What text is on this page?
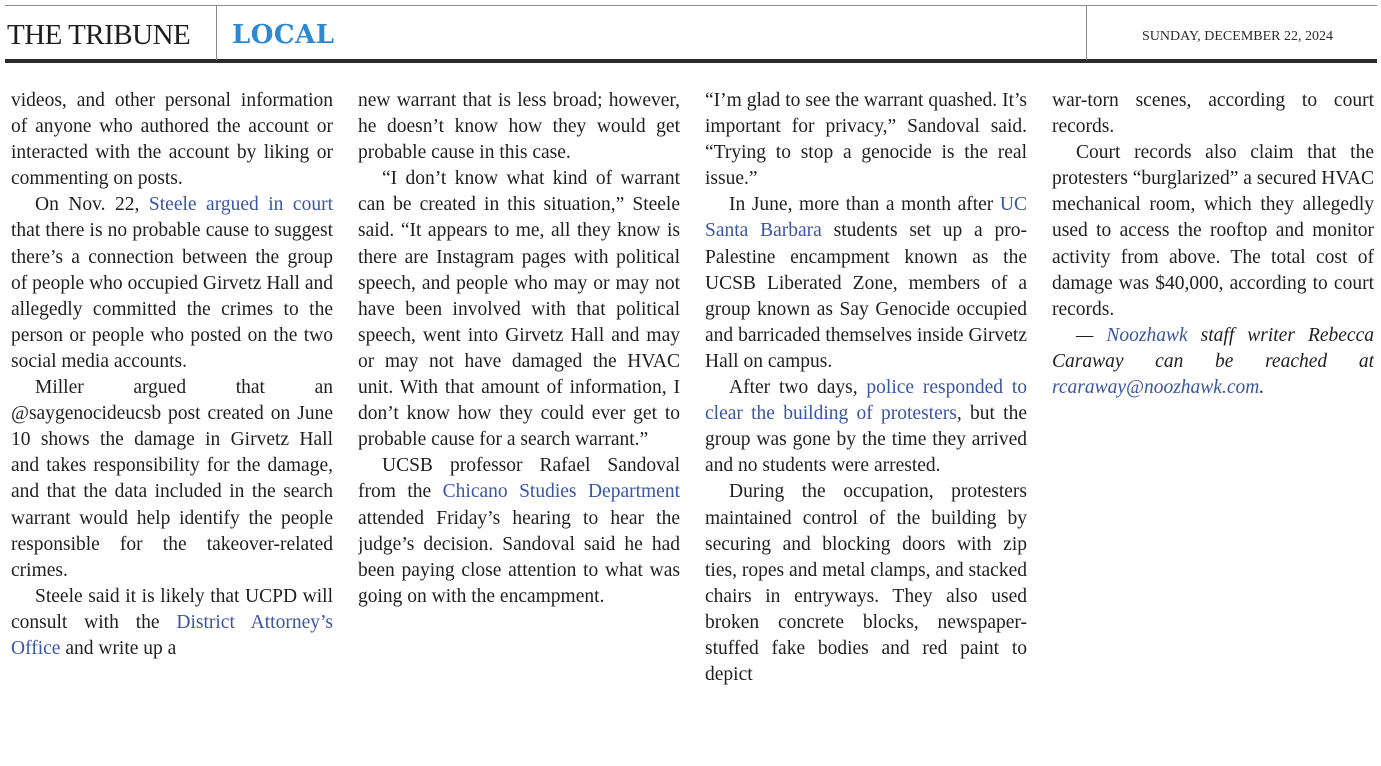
THE TRIBUNE LOCAL	SUNDAY, DECEMBER 22, 2024

videos, and other personal information of anyone who authored the account or interacted with the account by liking or commenting on posts.

On Nov. 22, Steele argued in court that there is no probable cause to suggest there’s a connection between the group of people who occupied Girvetz Hall and allegedly committed the crimes to the person or people who posted on the two social media accounts.

Miller argued that an @saygenocideucsb post created on June 10 shows the damage in Girvetz Hall and takes responsibility for the damage, and that the data included in the search warrant would help identify the people responsible for the takeover-related crimes.

Steele said it is likely that UCPD will consult with the District Attorney’s Office and write up a

new warrant that is less broad; however, he doesn’t know how they would get probable cause in this case.

“I don’t know what kind of warrant can be created in this situation,” Steele said. “It appears to me, all they know is there are Instagram pages with political speech, and people who may or may not have been involved with that political speech, went into Girvetz Hall and may or may not have damaged the HVAC unit. With that amount of information, I don’t know how they could ever get to probable cause for a search warrant.”

UCSB professor Rafael Sandoval from the Chicano Studies Department attended Friday’s hearing to hear the judge’s decision. Sandoval said he had been paying close attention to what was going on with the encampment.

“I’m glad to see the warrant quashed. It’s important for privacy,” Sandoval said. “Trying to stop a genocide is the real issue.”

In June, more than a month after UC Santa Barbara students set up a pro-Palestine encampment known as the UCSB Liberated Zone, members of a group known as Say Genocide occupied and barricaded themselves inside Girvetz Hall on campus.

After two days, police responded to clear the building of protesters, but the group was gone by the time they arrived and no students were arrested.

During the occupation, protesters maintained control of the building by securing and blocking doors with zip ties, ropes and metal clamps, and stacked chairs in entryways. They also used broken concrete blocks, newspaper-stuffed fake bodies and red paint to depict

war-torn scenes, according to court records.

Court records also claim that the protesters “burglarized” a secured HVAC mechanical room, which they allegedly used to access the rooftop and monitor activity from above. The total cost of damage was $40,000, according to court records.

— Noozhawk staff writer Rebecca Caraway can be reached at rcaraway@noozhawk.com.
